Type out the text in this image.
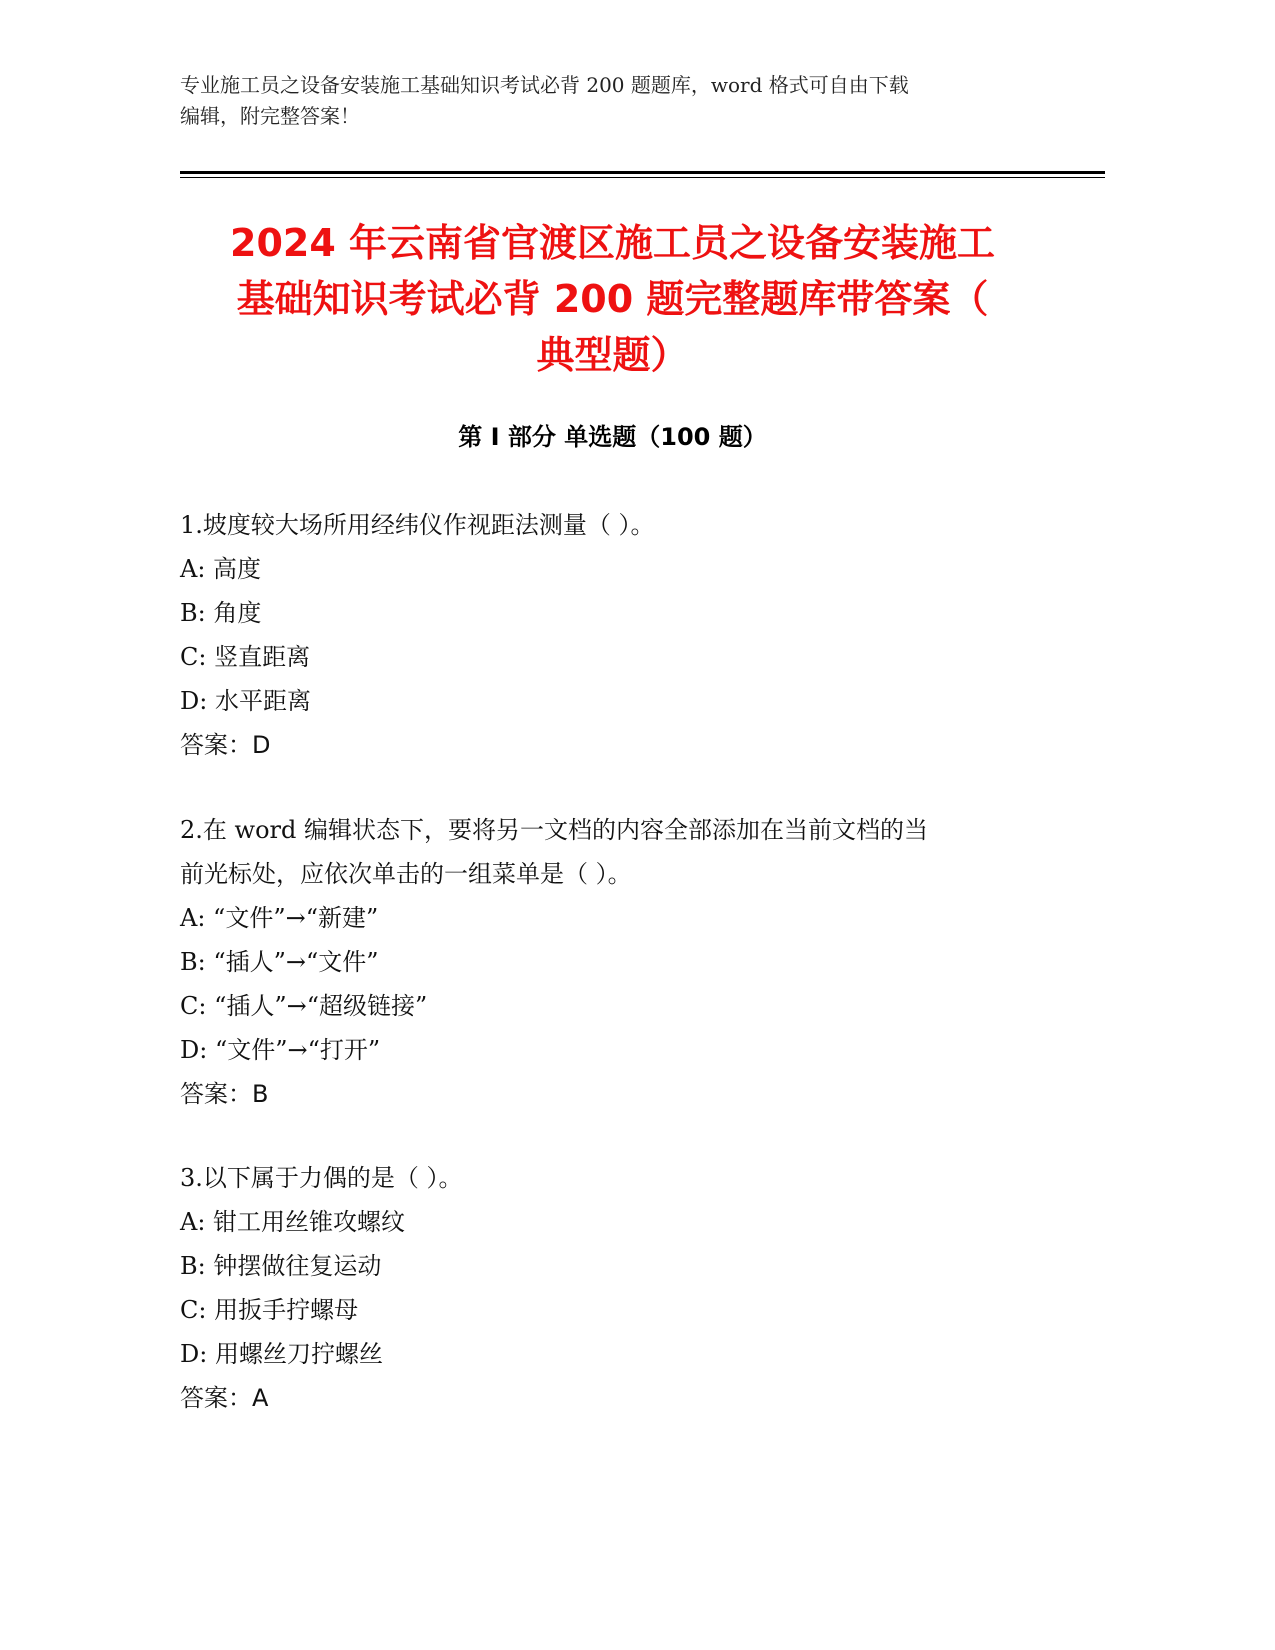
专业施工员之设备安装施工基础知识考试必背 200 题题库，word 格式可自由下载
编辑，附完整答案！
2024 年云南省官渡区施工员之设备安装施工
基础知识考试必背 200 题完整题库带答案（
典型题）
第 I 部分 单选题（100 题）
1.坡度较大场所用经纬仪作视距法测量（ ）。
A: 高度
B: 角度
C: 竖直距离
D: 水平距离
答案：D
2.在 word 编辑状态下，要将另一文档的内容全部添加在当前文档的当
前光标处，应依次单击的一组菜单是（ ）。
A: “文件”→“新建”
B: “插人”→“文件”
C: “插人”→“超级链接”
D: “文件”→“打开”
答案：B
3.以下属于力偶的是（ ）。
A: 钳工用丝锥攻螺纹
B: 钟摆做往复运动
C: 用扳手拧螺母
D: 用螺丝刀拧螺丝
答案：A
